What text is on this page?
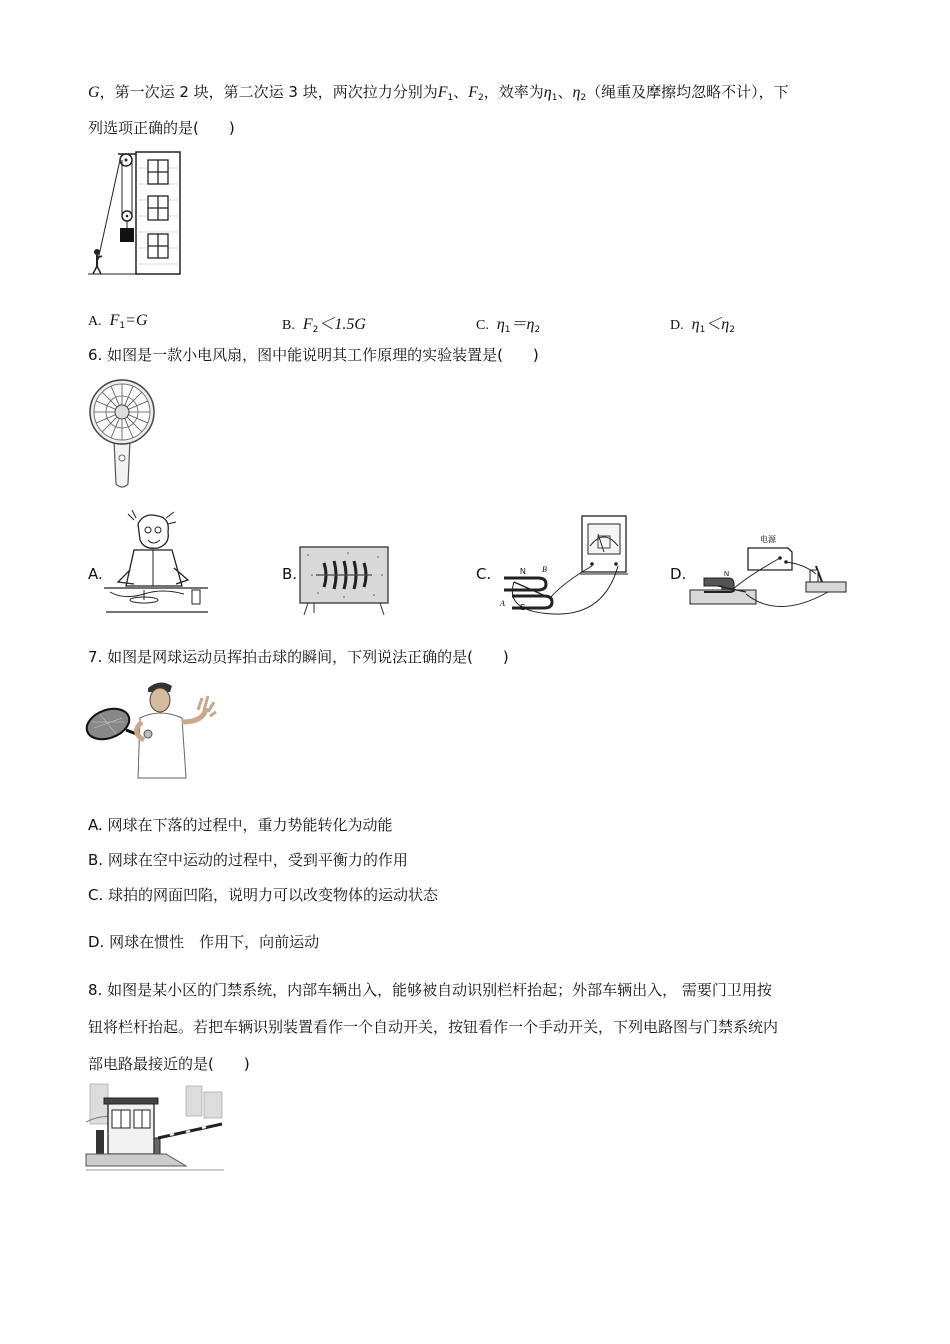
G，第一次运 2 块，第二次运 3 块，两次拉力分别为$F_1$、$F_2$，效率为$\eta_1$、$\eta_2$（绳重及摩擦均忽略不计），下
列选项正确的是(　　)
A. $F_1=G$	B. $F_2<1.5G$	C. $\eta_1=\eta_2$	D. $\eta_1<\eta_2$
6. 如图是一款小电风扇，图中能说明其工作原理的实验装置是(　　)
A.	B.	C.	D.
N B
A S
电源
N
7. 如图是网球运动员挥拍击球的瞬间，下列说法正确的是(　　)
A. 网球在下落的过程中，重力势能转化为动能
B. 网球在空中运动的过程中，受到平衡力的作用
C. 球拍的网面凹陷，说明力可以改变物体的运动状态
D. 网球在惯性　作用下，向前运动
8. 如图是某小区的门禁系统，内部车辆出入，能够被自动识别栏杆抬起；外部车辆出入， 需要门卫用按
钮将栏杆抬起。若把车辆识别装置看作一个自动开关，按钮看作一个手动开关，下列电路图与门禁系统内
部电路最接近的是(　　)
